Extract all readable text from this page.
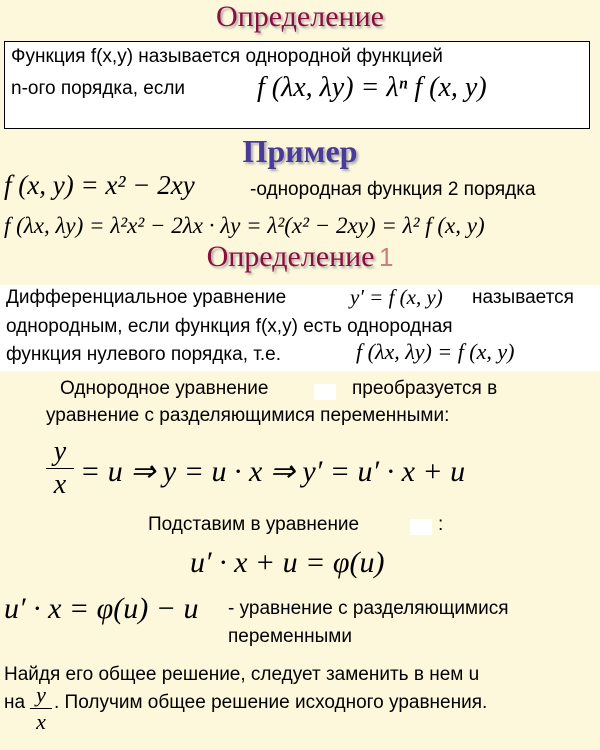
Определение
Функция f(x,y) называется однородной функцией
n-ого порядка, если	f (λx, λy) = λⁿ f (x, y)
Пример
f (x, y) = x² − 2xy	-однородная функция 2 порядка
f (λx, λy) = λ²x² − 2λx · λy = λ²(x² − 2xy) = λ² f (x, y)
Определение 1
Дифференциальное уравнение	y′ = f (x, y) называется
однородным, если функция f(x,y) есть однородная
функция нулевого порядка, т.е.	f (λx, λy) = f (x, y)
Однородное уравнение	преобразуется в
уравнение с разделяющимися переменными:
$\frac{y}{x} = u$ ⇒ y = u · x ⇒ y′ = u′ · x + u
Подставим в уравнение	:
u′ · x + u = φ(u)
u′ · x = φ(u) − u - уравнение с разделяющимися
переменными
Найдя его общее решение, следует заменить в нем u
на $\frac{y}{x}$ . Получим общее решение исходного уравнения.
